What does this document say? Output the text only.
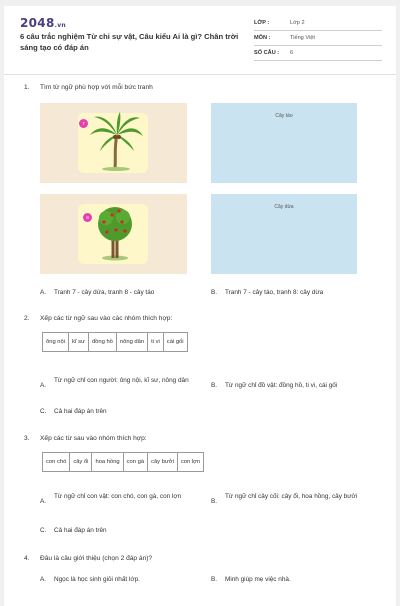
2048.vn
6 câu trắc nghiệm Từ chỉ sự vật, Câu kiểu Ai là gì? Chân trời sáng tạo có đáp án
LỚP :	Lớp 2
MÔN :	Tiếng Việt
SỐ CÂU : 6
1. Tìm từ ngữ phù hợp với mỗi bức tranh
7
Cây táo
8
Cây dừa
A. Tranh 7 - cây dừa, tranh 8 - cây táo	B. Tranh 7 - cây táo, tranh 8: cây dừa
2. Xếp các từ ngữ sau vào các nhóm thích hợp:
ông nội	kĩ sư	đồng hồ	nông dân	ti vi	cái gối
A.
Từ ngữ chỉ con người: ông nội, kĩ sư, nông dân
B. Từ ngữ chỉ đồ vật: đồng hồ, ti vi, cái gối
C. Cả hai đáp án trên
3. Xếp các từ sau vào nhóm thích hợp:
con chó	cây ổi	hoa hồng	con gà	cây bưởi	con lợn
A.
Từ ngữ chỉ con vật: con chó, con gà, con lợn
B.
Từ ngữ chỉ cây cối: cây ổi, hoa hồng, cây bưởi
C. Cả hai đáp án trên
4. Đâu là câu giới thiệu (chọn 2 đáp án)?
A. Ngọc là học sinh giỏi nhất lớp.	B. Minh giúp mẹ việc nhà.
